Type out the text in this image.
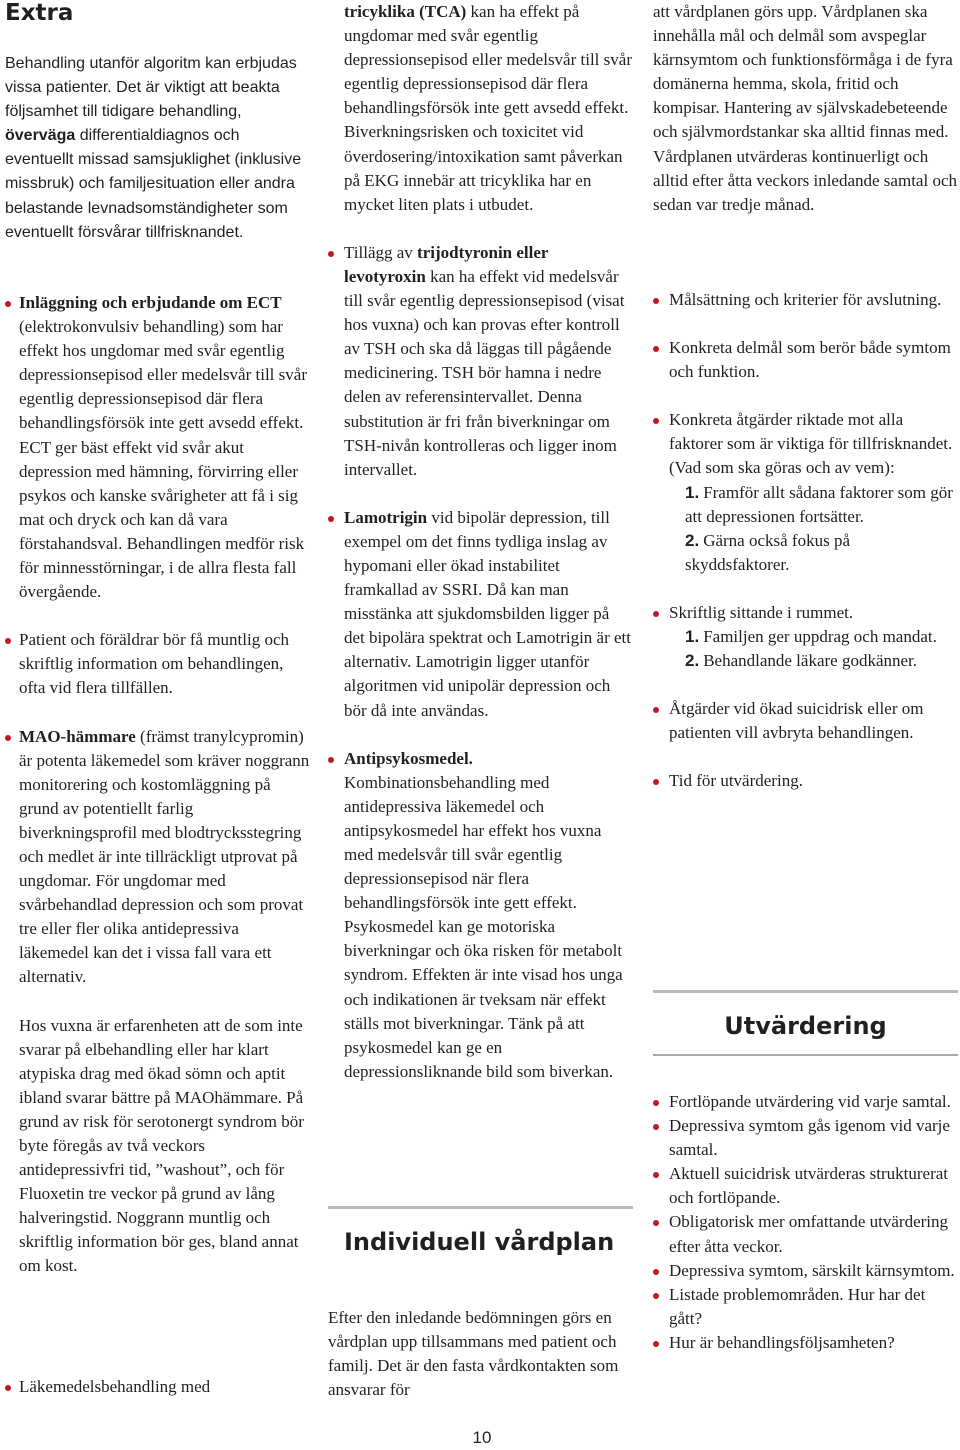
Extra

Behandling utanför algoritm kan erbjudas vissa patienter. Det är viktigt att beakta följsamhet till tidigare behandling, överväga differentialdiagnos och eventuellt missad samsjuklighet (inklusive missbruk) och familjesituation eller andra belastande levnadsomständigheter som eventuellt försvårar tillfrisknandet.

Inläggning och erbjudande om ECT (elektrokonvulsiv behandling) som har effekt hos ungdomar med svår egentlig depressionsepisod eller medelsvår till svår egentlig depressionsepisod där flera behandlingsförsök inte gett avsedd effekt. ECT ger bäst effekt vid svår akut depression med hämning, förvirring eller psykos och kanske svårigheter att få i sig mat och dryck och kan då vara förstahandsval. Behandlingen medför risk för minnesstörningar, i de allra flesta fall övergående.
Patient och föräldrar bör få muntlig och skriftlig information om behandlingen, ofta vid flera tillfällen.
MAO-hämmare (främst tranylcypromin) är potenta läkemedel som kräver noggrann monitorering och kostomläggning på grund av potentiellt farlig biverkningsprofil med blodtrycksstegring och medlet är inte tillräckligt utprovat på ungdomar. För ungdomar med svårbehandlad depression och som provat tre eller fler olika antidepressiva läkemedel kan det i vissa fall vara ett alternativ.

Hos vuxna är erfarenheten att de som inte svarar på elbehandling eller har klart atypiska drag med ökad sömn och aptit ibland svarar bättre på MAOhämmare. På grund av risk för serotonergt syndrom bör byte föregås av två veckors antidepressivfri tid, ”washout”, och för Fluoxetin tre veckor på grund av lång halveringstid. Noggrann muntlig och skriftlig information bör ges, bland annat om kost.

Läkemedelsbehandling med
tricyklika (TCA) kan ha effekt på ungdomar med svår egentlig depressionsepisod eller medelsvår till svår egentlig depressionsepisod där flera behandlingsförsök inte gett avsedd effekt. Biverkningsrisken och toxicitet vid överdosering/intoxikation samt påverkan på EKG innebär att tricyklika har en mycket liten plats i utbudet.
Tillägg av trijodtyronin eller levotyroxin kan ha effekt vid medelsvår till svår egentlig depressionsepisod (visat hos vuxna) och kan provas efter kontroll av TSH och ska då läggas till pågående medicinering. TSH bör hamna i nedre delen av referensintervallet. Denna substitution är fri från biverkningar om TSH-nivån kontrolleras och ligger inom intervallet.
Lamotrigin vid bipolär depression, till exempel om det finns tydliga inslag av hypomani eller ökad instabilitet framkallad av SSRI. Då kan man misstänka att sjukdomsbilden ligger på det bipolära spektrat och Lamotrigin är ett alternativ. Lamotrigin ligger utanför algoritmen vid unipolär depression och bör då inte användas.
Antipsykosmedel. Kombinationsbehandling med antidepressiva läkemedel och antipsykosmedel har effekt hos vuxna med medelsvår till svår egentlig depressionsepisod när flera behandlingsförsök inte gett effekt. Psykosmedel kan ge motoriska biverkningar och öka risken för metabolt syndrom. Effekten är inte visad hos unga och indikationen är tveksam när effekt ställs mot biverkningar. Tänk på att psykosmedel kan ge en depressionsliknande bild som biverkan.
Individuell vårdplan

Efter den inledande bedömningen görs en vårdplan upp tillsammans med patient och familj. Det är den fasta vårdkontakten som ansvarar för

att vårdplanen görs upp. Vårdplanen ska innehålla mål och delmål som avspeglar kärnsymtom och funktionsförmåga i de fyra domänerna hemma, skola, fritid och kompisar. Hantering av självskadebeteende och självmordstankar ska alltid finnas med. Vårdplanen utvärderas kontinuerligt och alltid efter åtta veckors inledande samtal och sedan var tredje månad.

Målsättning och kriterier för avslutning.
Konkreta delmål som berör både symtom och funktion.
Konkreta åtgärder riktade mot alla faktorer som är viktiga för tillfrisknandet. (Vad som ska göras och av vem):
1. Framför allt sådana faktorer som gör att depressionen fortsätter.
2. Gärna också fokus på skyddsfaktorer.
Skriftlig sittande i rummet.
1. Familjen ger uppdrag och mandat.
2. Behandlande läkare godkänner.
Åtgärder vid ökad suicidrisk eller om patienten vill avbryta behandlingen.
Tid för utvärdering.
Utvärdering
Fortlöpande utvärdering vid varje samtal.
Depressiva symtom gås igenom vid varje samtal.
Aktuell suicidrisk utvärderas strukturerat och fortlöpande.
Obligatorisk mer omfattande utvärdering efter åtta veckor.
Depressiva symtom, särskilt kärnsymtom.
Listade problemområden. Hur har det gått?
Hur är behandlingsföljsamheten?
10
